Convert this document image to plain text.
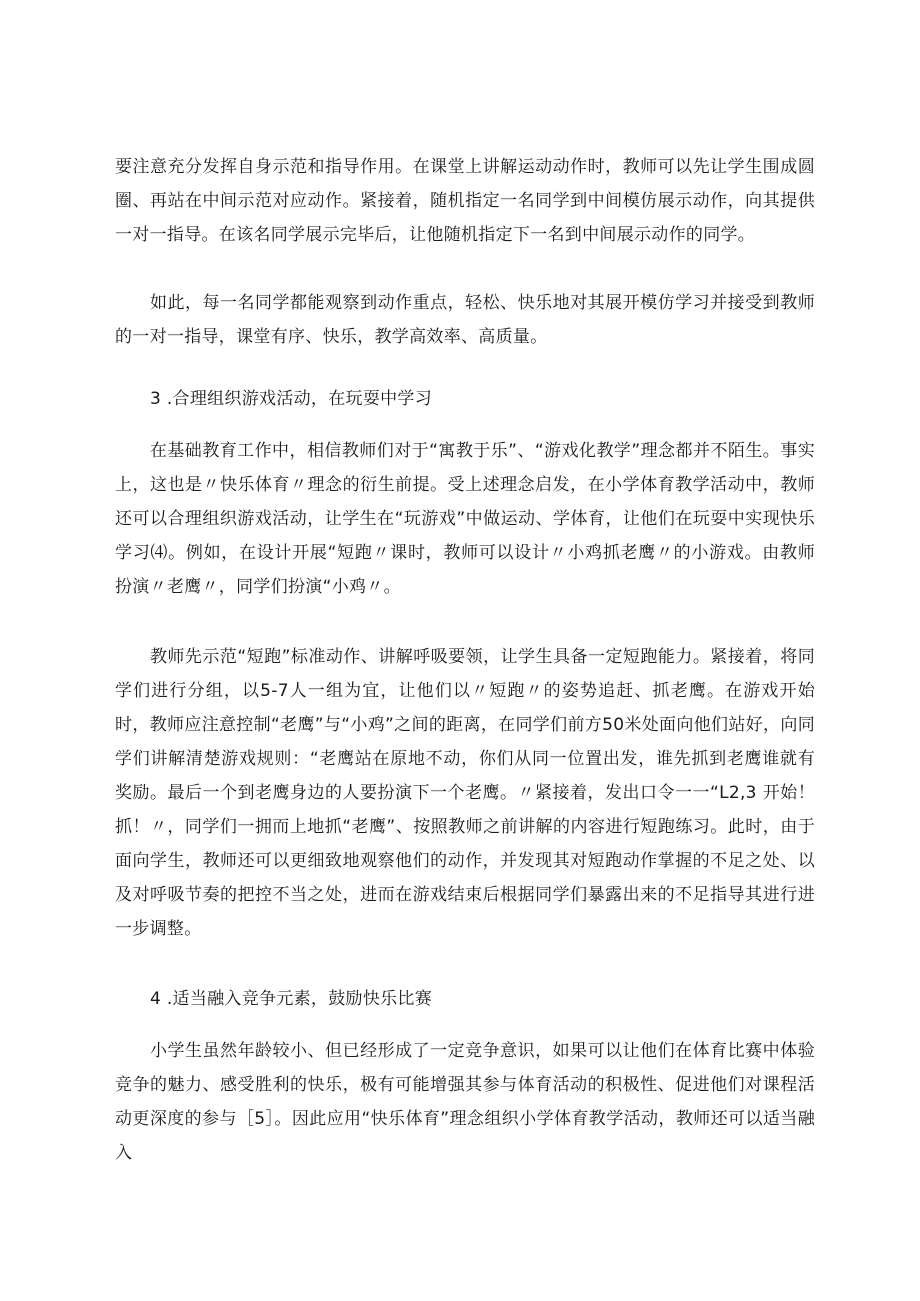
要注意充分发挥自身示范和指导作用。在课堂上讲解运动动作时，教师可以先让学生围成圆圈、再站在中间示范对应动作。紧接着，随机指定一名同学到中间模仿展示动作，向其提供一对一指导。在该名同学展示完毕后，让他随机指定下一名到中间展示动作的同学。

　　如此，每一名同学都能观察到动作重点，轻松、快乐地对其展开模仿学习并接受到教师的一对一指导，课堂有序、快乐，教学高效率、高质量。

3 .合理组织游戏活动，在玩耍中学习

　　在基础教育工作中，相信教师们对于“寓教于乐”、“游戏化教学”理念都并不陌生。事实上，这也是〃快乐体育〃理念的衍生前提。受上述理念启发，在小学体育教学活动中，教师还可以合理组织游戏活动，让学生在“玩游戏”中做运动、学体育，让他们在玩耍中实现快乐学习⑷。例如，在设计开展“短跑〃课时，教师可以设计〃小鸡抓老鹰〃的小游戏。由教师扮演〃老鹰〃，同学们扮演“小鸡〃。

　　教师先示范“短跑”标准动作、讲解呼吸要领，让学生具备一定短跑能力。紧接着，将同学们进行分组，以5-7人一组为宜，让他们以〃短跑〃的姿势追赶、抓老鹰。在游戏开始时，教师应注意控制“老鹰”与“小鸡”之间的距离，在同学们前方50米处面向他们站好，向同学们讲解清楚游戏规则：“老鹰站在原地不动，你们从同一位置出发，谁先抓到老鹰谁就有奖励。最后一个到老鹰身边的人要扮演下一个老鹰。〃紧接着，发出口令一一“L2,3 开始！抓！〃，同学们一拥而上地抓“老鹰”、按照教师之前讲解的内容进行短跑练习。此时，由于面向学生，教师还可以更细致地观察他们的动作，并发现其对短跑动作掌握的不足之处、以及对呼吸节奏的把控不当之处，进而在游戏结束后根据同学们暴露出来的不足指导其进行进一步调整。

4 .适当融入竞争元素，鼓励快乐比赛

　　小学生虽然年龄较小、但已经形成了一定竞争意识，如果可以让他们在体育比赛中体验竞争的魅力、感受胜利的快乐，极有可能增强其参与体育活动的积极性、促进他们对课程活动更深度的参与［5］。因此应用“快乐体育”理念组织小学体育教学活动，教师还可以适当融入
